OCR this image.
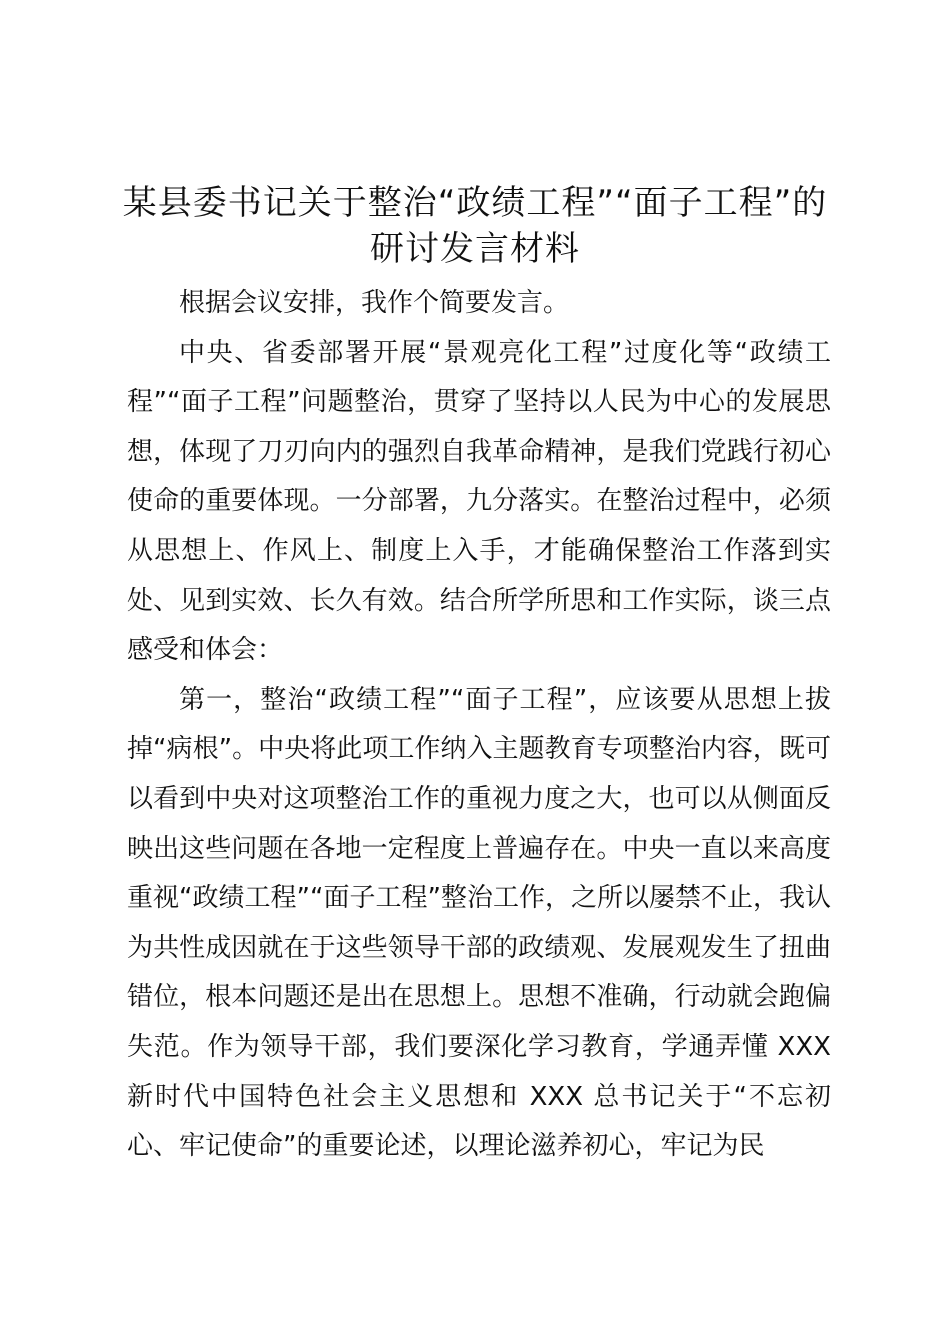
某县委书记关于整治“政绩工程”“面子工程”的研讨发言材料

根据会议安排，我作个简要发言。

中央、省委部署开展“景观亮化工程”过度化等“政绩工程”“面子工程”问题整治，贯穿了坚持以人民为中心的发展思想，体现了刀刃向内的强烈自我革命精神，是我们党践行初心使命的重要体现。一分部署，九分落实。在整治过程中，必须从思想上、作风上、制度上入手，才能确保整治工作落到实处、见到实效、长久有效。结合所学所思和工作实际，谈三点感受和体会：

第一，整治“政绩工程”“面子工程”，应该要从思想上拔掉“病根”。中央将此项工作纳入主题教育专项整治内容，既可以看到中央对这项整治工作的重视力度之大，也可以从侧面反映出这些问题在各地一定程度上普遍存在。中央一直以来高度重视“政绩工程”“面子工程”整治工作，之所以屡禁不止，我认为共性成因就在于这些领导干部的政绩观、发展观发生了扭曲错位，根本问题还是出在思想上。思想不准确，行动就会跑偏失范。作为领导干部，我们要深化学习教育，学通弄懂 XXX 新时代中国特色社会主义思想和 XXX 总书记关于“不忘初心、牢记使命”的重要论述，以理论滋养初心，牢记为民
